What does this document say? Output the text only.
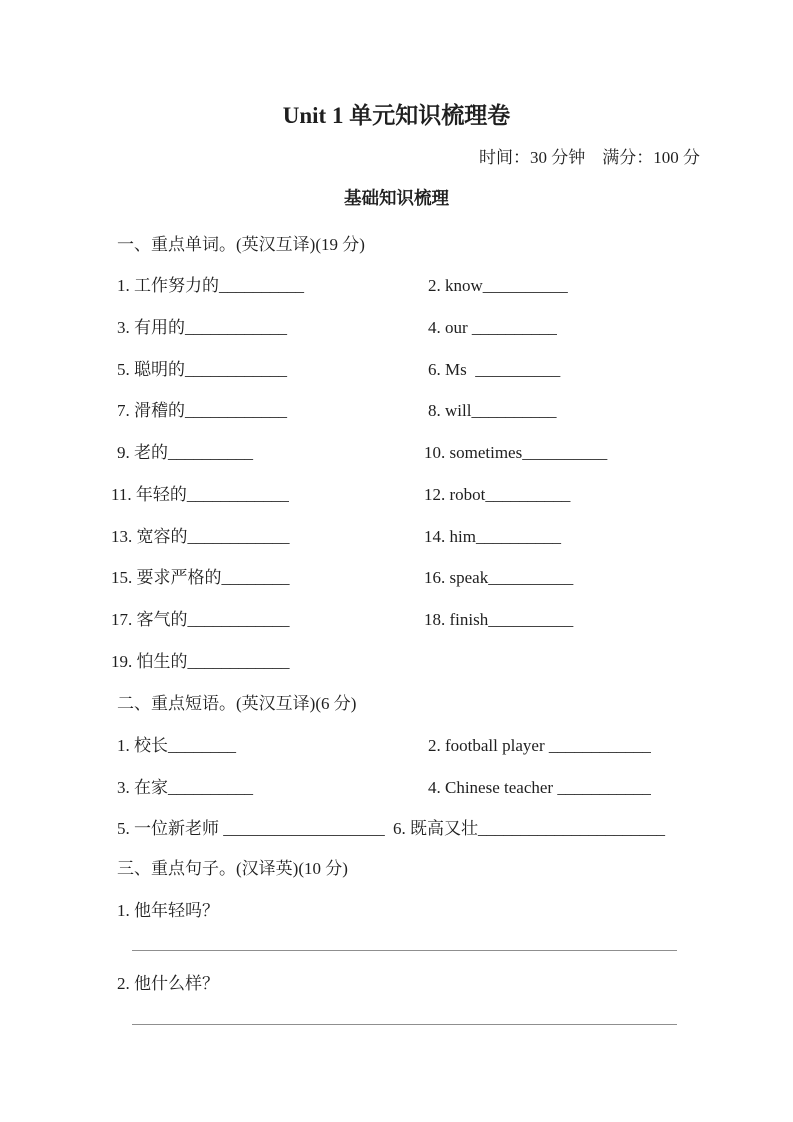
Unit 1 单元知识梳理卷
时间：30 分钟　满分：100 分
基础知识梳理
一、重点单词。(英汉互译)(19 分)
1. 工作努力的__________	2. know__________
3. 有用的____________	4. our __________
5. 聪明的____________	6. Ms  __________
7. 滑稽的____________	8. will__________
9. 老的__________	10. sometimes__________
11. 年轻的____________	12. robot__________
13. 宽容的____________	14. him__________
15. 要求严格的________	16. speak__________
17. 客气的____________	18. finish__________
19. 怕生的____________
二、重点短语。(英汉互译)(6 分)
1. 校长________	2. football player ____________
3. 在家__________	4. Chinese teacher ___________
5. 一位新老师 ___________________ 6. 既高又壮______________________
三、重点句子。(汉译英)(10 分)
1. 他年轻吗？
2. 他什么样？
